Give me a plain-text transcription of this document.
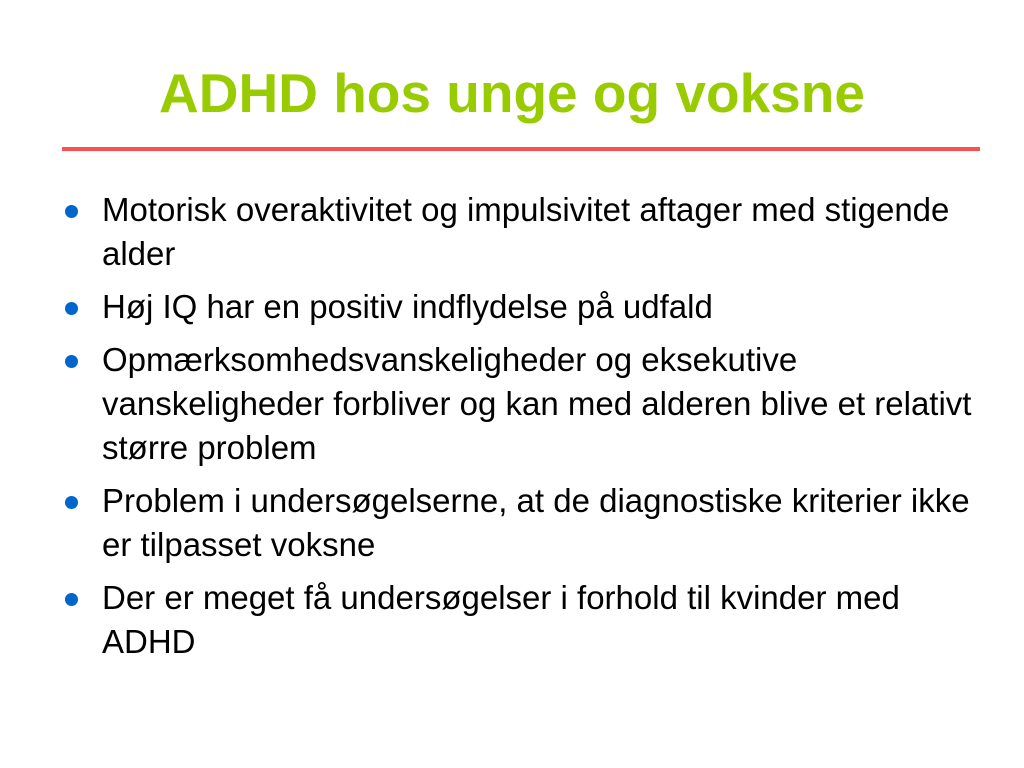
ADHD hos unge og voksne
Motorisk overaktivitet og impulsivitet aftager med stigende alder
Høj IQ har en positiv indflydelse på udfald
Opmærksomhedsvanskeligheder og eksekutive vanskeligheder forbliver og kan med alderen blive et relativt større problem
Problem i undersøgelserne, at de diagnostiske kriterier ikke er tilpasset voksne
Der er meget få undersøgelser i forhold til kvinder med ADHD
